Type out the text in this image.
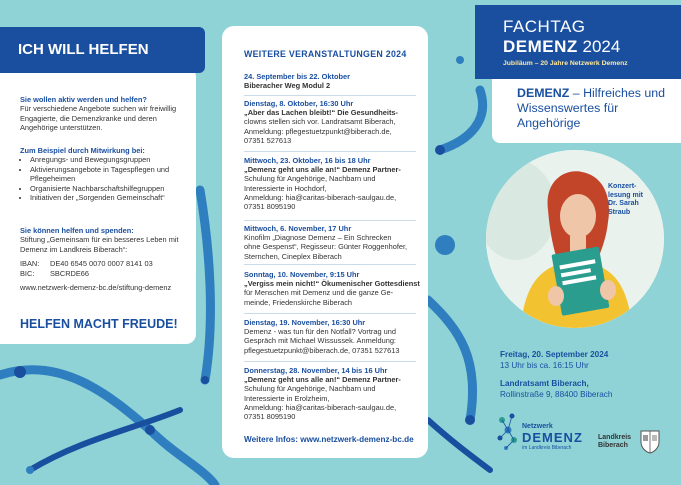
ICH WILL HELFEN
Sie wollen aktiv werden und helfen?
Für verschiedene Angebote suchen wir freiwillig Engagierte, die Demenzkranke und deren Angehörige unterstützen.
Zum Beispiel durch Mitwirkung bei:
• Anregungs- und Bewegungsgruppen
• Aktivierungsangebote in Tagespflegen und Pflegeheimen
• Organisierte Nachbarschaftshilfegruppen
• Initiativen der „Sorgenden Gemeinschaft“
Sie können helfen und spenden:
Stiftung „Gemeinsam für ein besseres Leben mit Demenz im Landkreis Biberach“:
IBAN:	DE40 6545 0070 0007 8141 03
BIC:	SBCRDE66
www.netzwerk-demenz-bc.de/stiftung-demenz
HELFEN MACHT FREUDE!
WEITERE VERANSTALTUNGEN 2024
24. September bis 22. Oktober
Biberacher Weg Modul 2
Dienstag, 8. Oktober, 16:30 Uhr
„Aber das Lachen bleibt!“ Die Gesundheits-
clowns stellen sich vor. Landratsamt Biberach,
Anmeldung: pflegestuetzpunkt@biberach.de,
07351 527613
Mittwoch, 23. Oktober, 16 bis 18 Uhr
„Demenz geht uns alle an!“ Demenz Partner-
Schulung für Angehörige, Nachbarn und
Interessierte in Hochdorf,
Anmeldung: hia@caritas-biberach-saulgau.de,
07351 8095190
Mittwoch, 6. November, 17 Uhr
Kinofilm „Diagnose Demenz – Ein Schrecken
ohne Gespenst“, Regisseur: Günter Roggenhofer,
Sternchen, Cineplex Biberach
Sonntag, 10. November, 9:15 Uhr
„Vergiss mein nicht!“ Ökumenischer Gottesdienst
für Menschen mit Demenz und die ganze Ge-
meinde, Friedenskirche Biberach
Dienstag, 19. November, 16:30 Uhr
Demenz - was tun für den Notfall? Vortrag und
Gespräch mit Michael Wissussek. Anmeldung:
pflegestuetzpunkt@biberach.de, 07351 527613
Donnerstag, 28. November, 14 bis 16 Uhr
„Demenz geht uns alle an!“ Demenz Partner-
Schulung für Angehörige, Nachbarn und
Interessierte in Erolzheim,
Anmeldung: hia@caritas-biberach-saulgau.de,
07351 8095190
Weitere Infos: www.netzwerk-demenz-bc.de
FACHTAG
DEMENZ 2024
Jubiläum – 20 Jahre Netzwerk Demenz
DEMENZ – Hilfreiches und Wissenswertes für Angehörige
Konzert-
lesung mit
Dr. Sarah
Straub
Freitag, 20. September 2024
13 Uhr bis ca. 16:15 Uhr
Landratsamt Biberach,
Rollinstraße 9, 88400 Biberach
Netzwerk
DEMENZ
im Landkreis Biberach
Landkreis
Biberach
